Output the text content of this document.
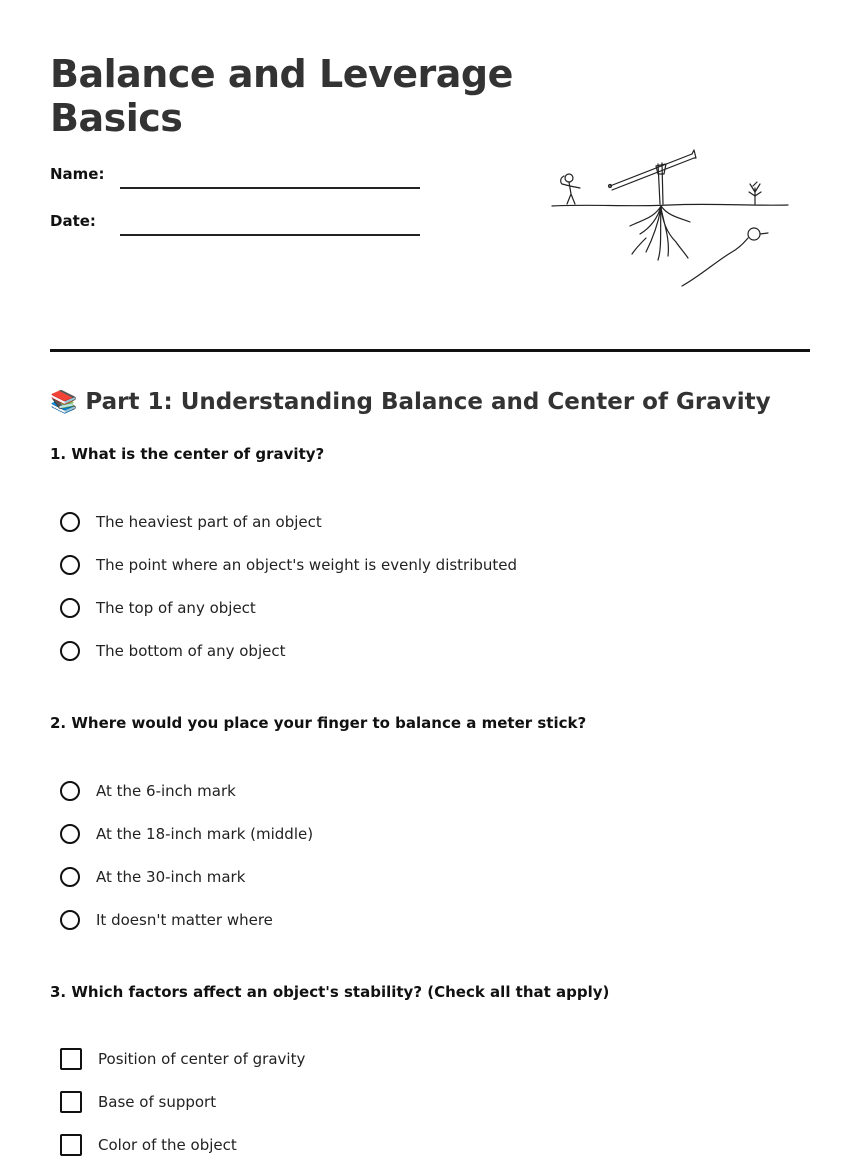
Balance and Leverage
Basics
Name:
Date:
📚 Part 1: Understanding Balance and Center of Gravity

1. What is the center of gravity?

The heaviest part of an object
The point where an object's weight is evenly distributed
The top of any object
The bottom of any object

2. Where would you place your finger to balance a meter stick?

At the 6-inch mark
At the 18-inch mark (middle)
At the 30-inch mark
It doesn't matter where

3. Which factors affect an object's stability? (Check all that apply)

Position of center of gravity
Base of support
Color of the object
